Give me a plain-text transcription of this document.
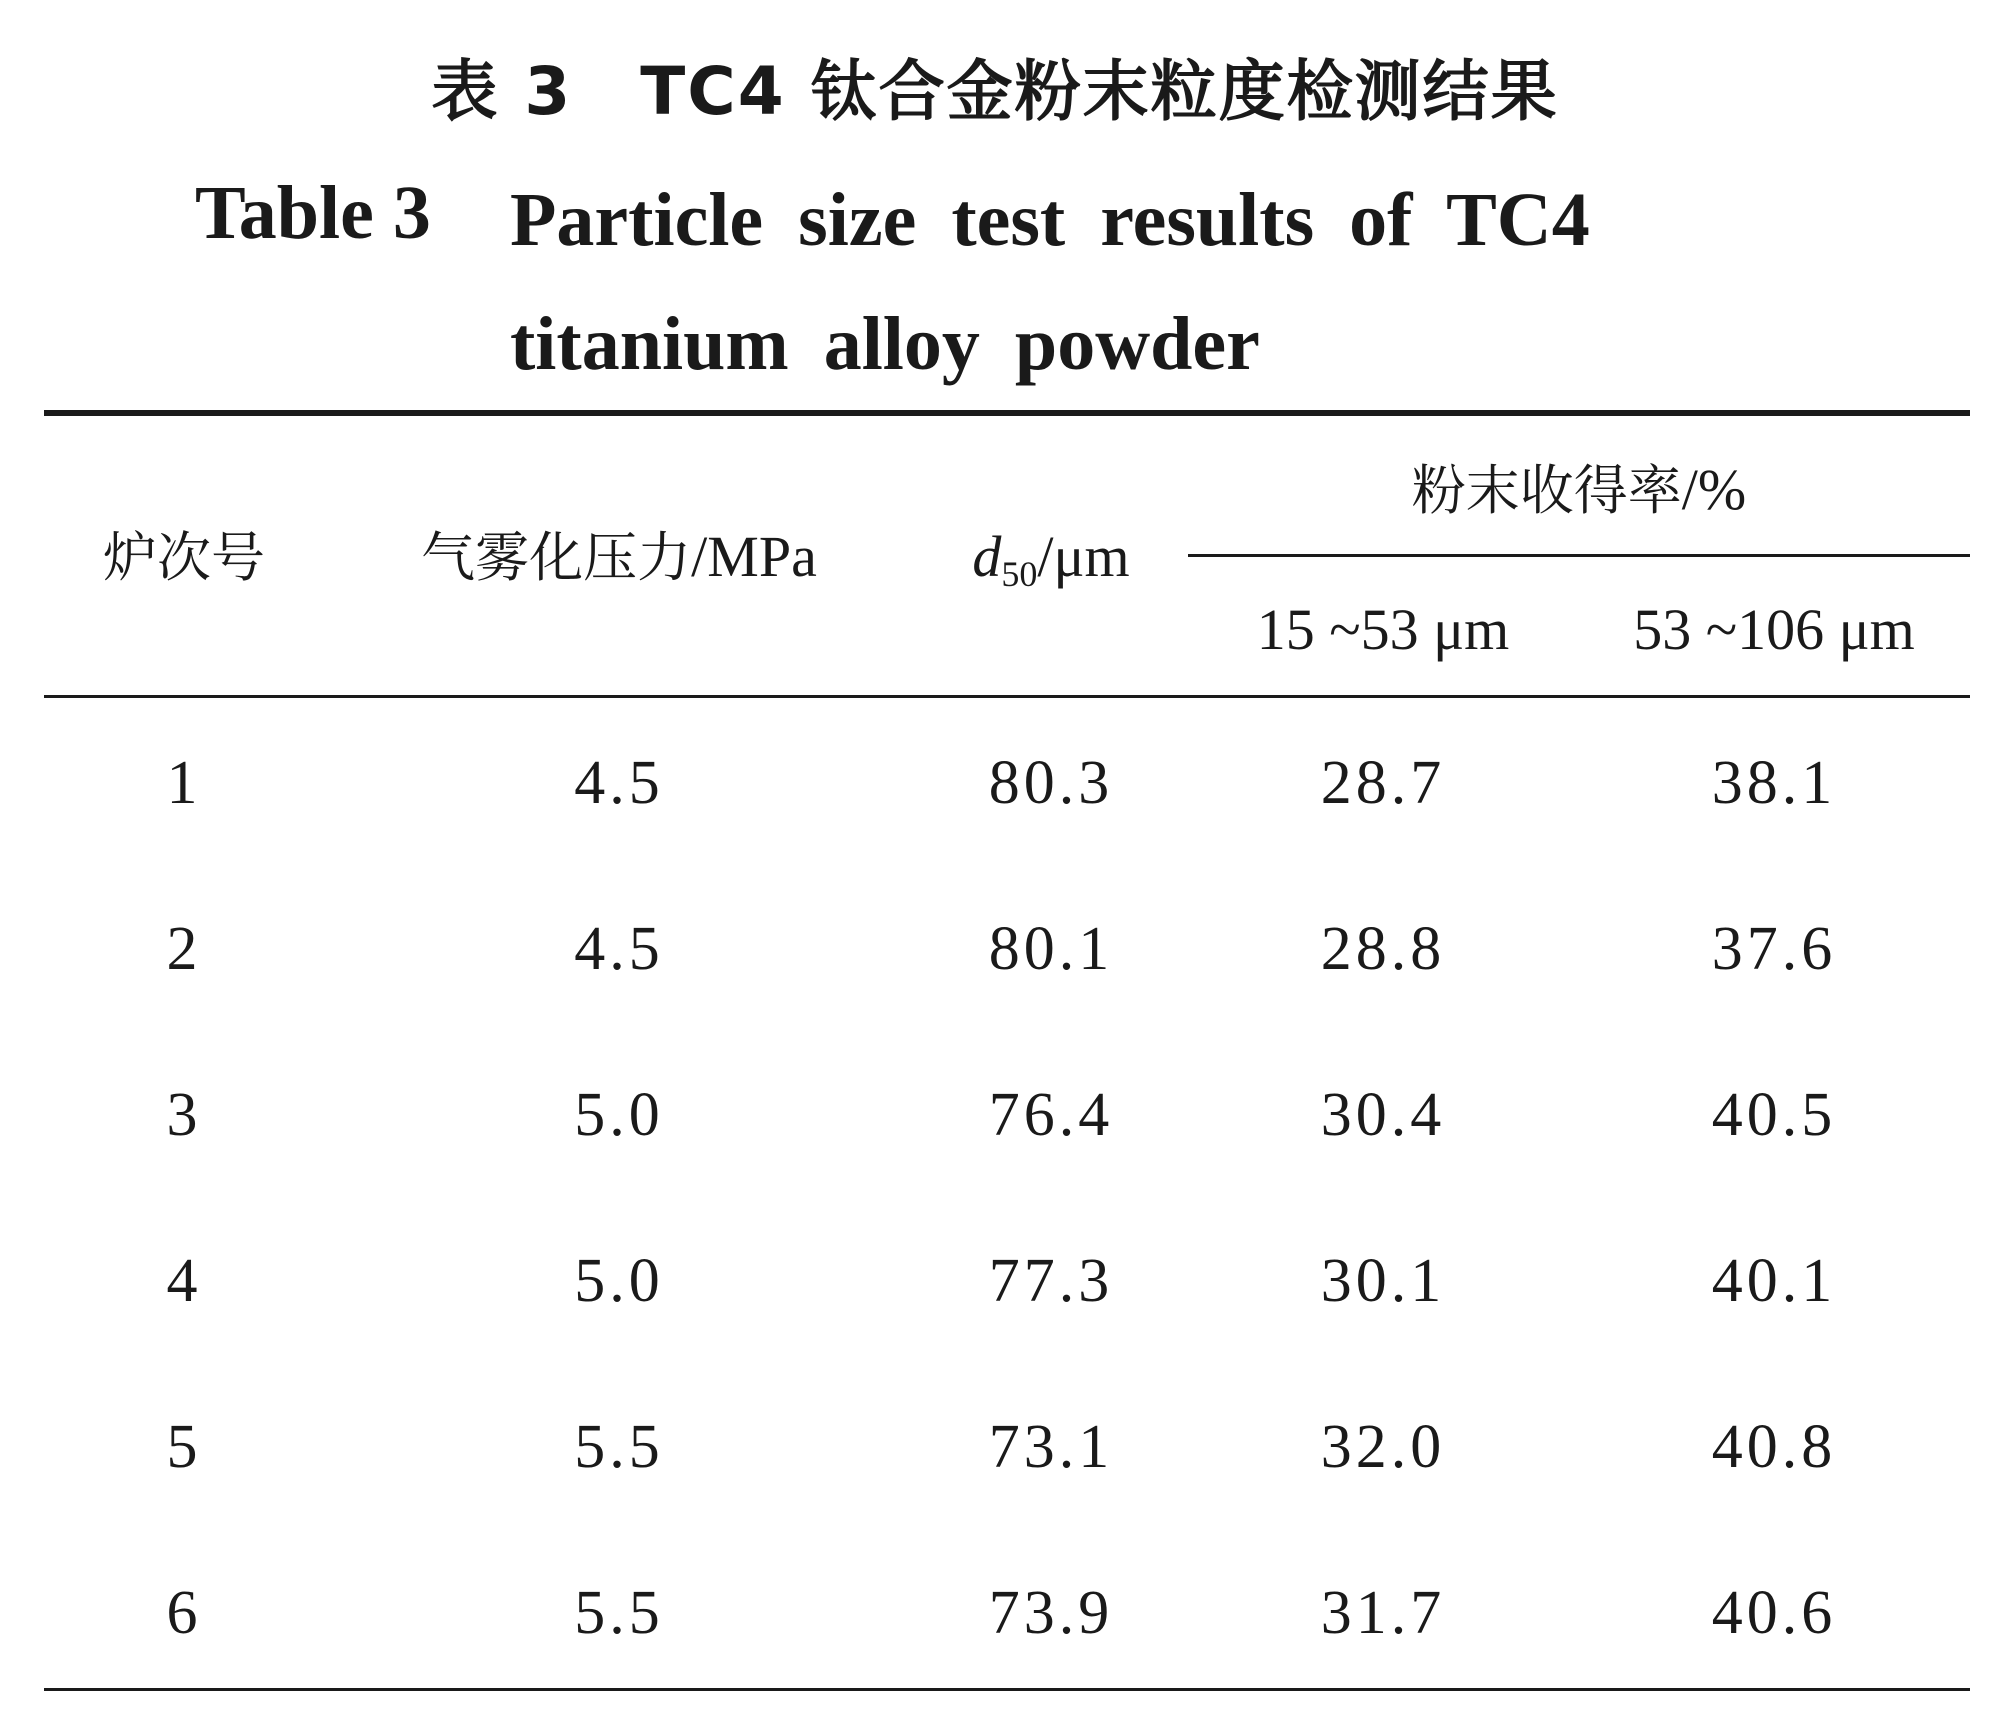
表 3　TC4 钛合金粉末粒度检测结果
Table 3 Particle size test results of TC4 titanium alloy powder
炉次号	气雾化压力/MPa	$d_{50}/\mu m$
粉末收得率/%
15 ~53 μm	53 ~106 μm
1	4.5	80.3	28.7	38.1
2	4.5	80.1	28.8	37.6
3	5.0	76.4	30.4	40.5
4	5.0	77.3	30.1	40.1
5	5.5	73.1	32.0	40.8
6	5.5	73.9	31.7	40.6
